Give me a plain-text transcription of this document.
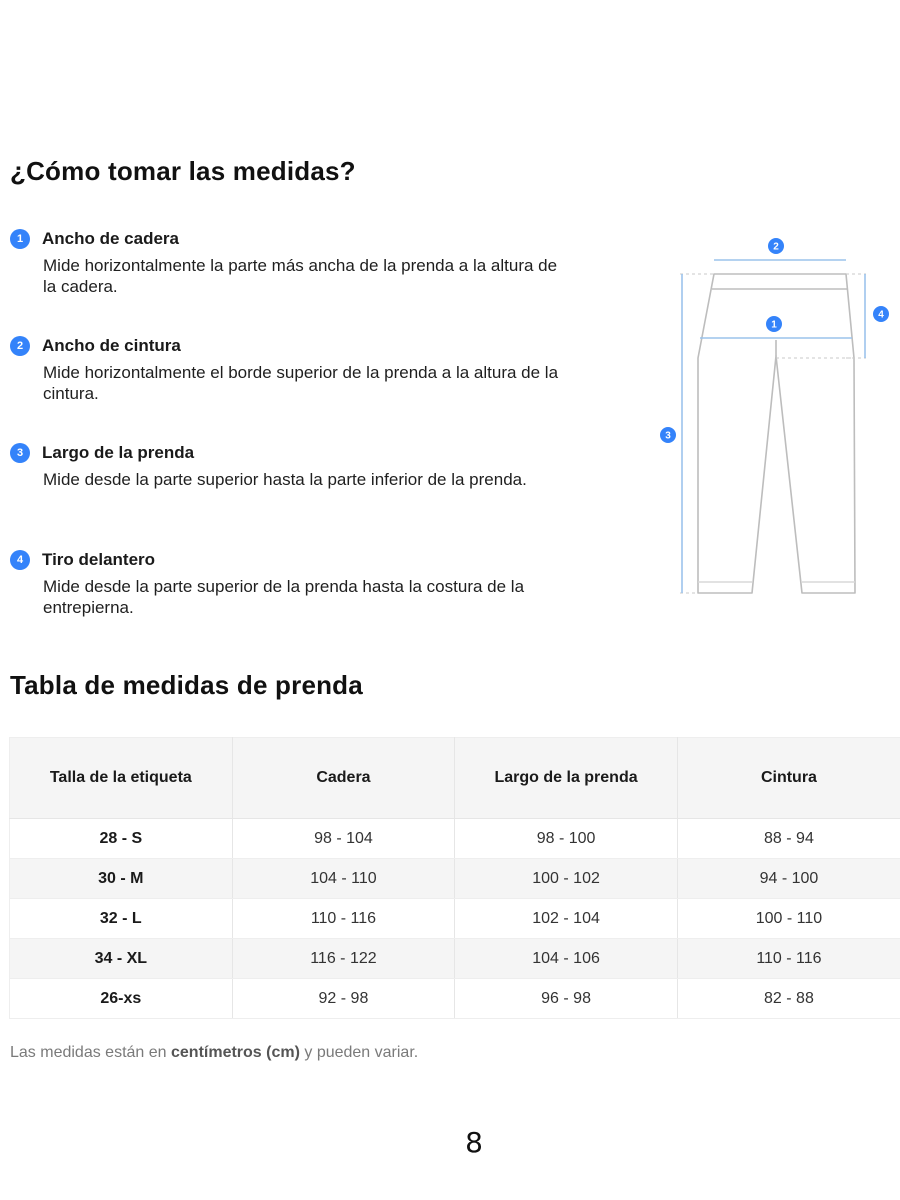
¿Cómo tomar las medidas?
1	Ancho de cadera
Mide horizontalmente la parte más ancha de la prenda a la altura de la cadera.
2	Ancho de cintura
Mide horizontalmente el borde superior de la prenda a la altura de la cintura.
3	Largo de la prenda
Mide desde la parte superior hasta la parte inferior de la prenda.
4	Tiro delantero
Mide desde la parte superior de la prenda hasta la costura de la entrepierna.
2
1
3
4
Tabla de medidas de prenda
Talla de la etiqueta	Cadera	Largo de la prenda	Cintura
28 - S	98 - 104	98 - 100	88 - 94
30 - M	104 - 110	100 - 102	94 - 100
32 - L	110 - 116	102 - 104	100 - 110
34 - XL	116 - 122	104 - 106	110 - 116
26-xs	92 - 98	96 - 98	82 - 88

Las medidas están en centímetros (cm) y pueden variar.

8
